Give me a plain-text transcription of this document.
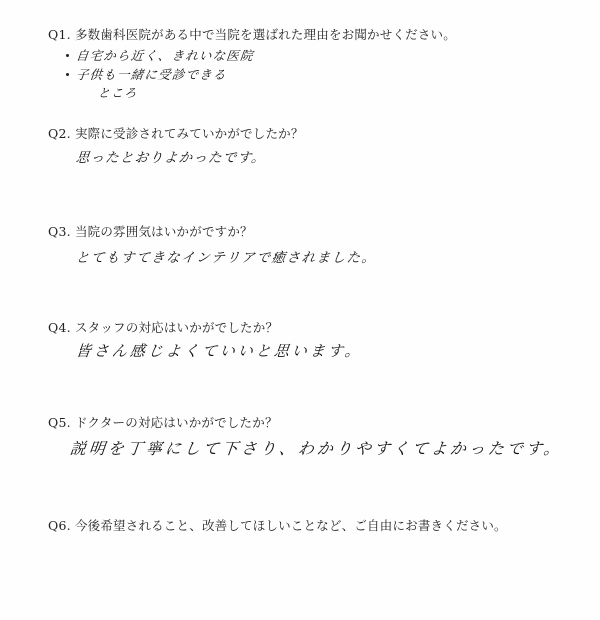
Q1. 多数歯科医院がある中で当院を選ばれた理由をお聞かせください。
自宅から近く、きれいな医院
子供も一緒に受診できる
ところ
Q2. 実際に受診されてみていかがでしたか？
思ったとおりよかったです。
Q3. 当院の雰囲気はいかがですか？
とてもすてきなインテリアで癒されました。
Q4. スタッフの対応はいかがでしたか？
皆さん感じよくていいと思います。
Q5. ドクターの対応はいかがでしたか？
説明を丁寧にして下さり、わかりやすくてよかったです。
Q6. 今後希望されること、改善してほしいことなど、ご自由にお書きください。
